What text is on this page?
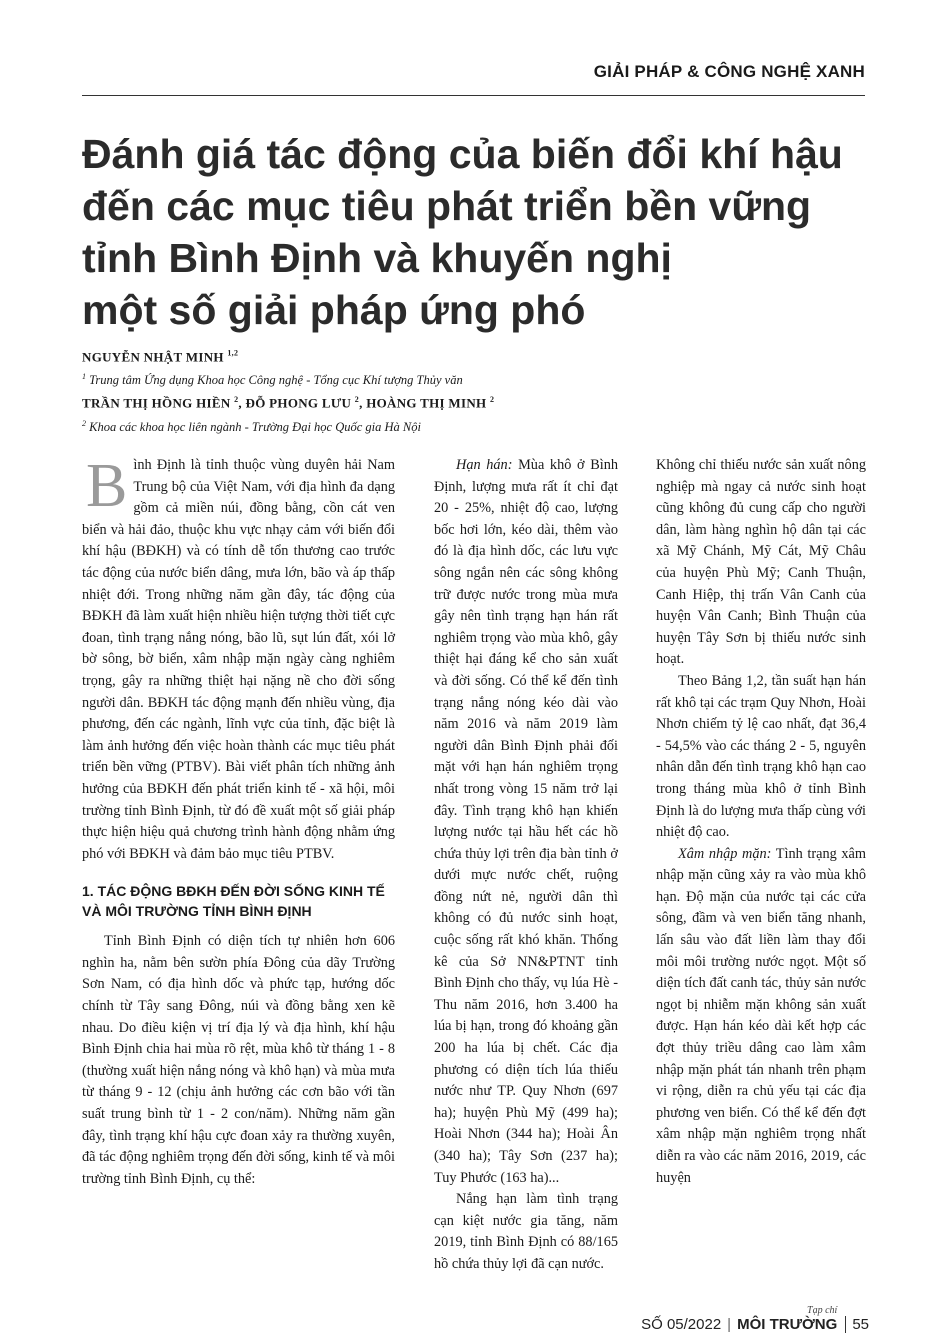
GIẢI PHÁP & CÔNG NGHỆ XANH
Đánh giá tác động của biến đổi khí hậu
đến các mục tiêu phát triển bền vững
tỉnh Bình Định và khuyến nghị
một số giải pháp ứng phó
NGUYỄN NHẬT MINH $^{1,2}$
$^1$ Trung tâm Ứng dụng Khoa học Công nghệ - Tổng cục Khí tượng Thủy văn
TRẦN THỊ HỒNG HIỀN $^2$, ĐỖ PHONG LƯU $^2$, HOÀNG THỊ MINH $^2$
$^2$ Khoa các khoa học liên ngành - Trường Đại học Quốc gia Hà Nội

Bình Định là tỉnh thuộc vùng duyên hải Nam Trung bộ của Việt Nam, với địa hình đa dạng gồm cả miền núi, đồng bằng, cồn cát ven biển và hải đảo, thuộc khu vực nhạy cảm với biến đổi khí hậu (BĐKH) và có tính dễ tổn thương cao trước tác động của nước biển dâng, mưa lớn, bão và áp thấp nhiệt đới. Trong những năm gần đây, tác động của BĐKH đã làm xuất hiện nhiều hiện tượng thời tiết cực đoan, tình trạng nắng nóng, bão lũ, sụt lún đất, xói lở bờ sông, bờ biển, xâm nhập mặn ngày càng nghiêm trọng, gây ra những thiệt hại nặng nề cho đời sống người dân. BĐKH tác động mạnh đến nhiều vùng, địa phương, đến các ngành, lĩnh vực của tỉnh, đặc biệt là làm ảnh hưởng đến việc hoàn thành các mục tiêu phát triển bền vững (PTBV). Bài viết phân tích những ảnh hưởng của BĐKH đến phát triển kinh tế - xã hội, môi trường tỉnh Bình Định, từ đó đề xuất một số giải pháp thực hiện hiệu quả chương trình hành động nhằm ứng phó với BĐKH và đảm bảo mục tiêu PTBV.

1. TÁC ĐỘNG BĐKH ĐẾN ĐỜI SỐNG KINH TẾ VÀ MÔI TRƯỜNG TỈNH BÌNH ĐỊNH

Tỉnh Bình Định có diện tích tự nhiên hơn 606 nghìn ha, nằm bên sườn phía Đông của dãy Trường Sơn Nam, có địa hình dốc và phức tạp, hướng dốc chính từ Tây sang Đông, núi và đồng bằng xen kẽ nhau. Do điều kiện vị trí địa lý và địa hình, khí hậu Bình Định chia hai mùa rõ rệt, mùa khô từ tháng 1 - 8 (thường xuất hiện nắng nóng và khô hạn) và mùa mưa từ tháng 9 - 12 (chịu ảnh hưởng các cơn bão với tần suất trung bình từ 1 - 2 con/năm). Những năm gần đây, tình trạng khí hậu cực đoan xảy ra thường xuyên, đã tác động nghiêm trọng đến đời sống, kinh tế và môi trường tỉnh Bình Định, cụ thể:

Hạn hán: Mùa khô ở Bình Định, lượng mưa rất ít chỉ đạt 20 - 25%, nhiệt độ cao, lượng bốc hơi lớn, kéo dài, thêm vào đó là địa hình dốc, các lưu vực sông ngắn nên các sông không trữ được nước trong mùa mưa gây nên tình trạng hạn hán rất nghiêm trọng vào mùa khô, gây thiệt hại đáng kể cho sản xuất và đời sống. Có thể kể đến tình trạng nắng nóng kéo dài vào năm 2016 và năm 2019 làm người dân Bình Định phải đối mặt với hạn hán nghiêm trọng nhất trong vòng 15 năm trở lại đây. Tình trạng khô hạn khiến lượng nước tại hầu hết các hồ chứa thủy lợi trên địa bàn tỉnh ở dưới mực nước chết, ruộng đồng nứt nẻ, người dân thì không có đủ nước sinh hoạt, cuộc sống rất khó khăn. Thống kê của Sở NN&PTNT tỉnh Bình Định cho thấy, vụ lúa Hè - Thu năm 2016, hơn 3.400 ha lúa bị hạn, trong đó khoảng gần 200 ha lúa bị chết. Các địa phương có diện tích lúa thiếu nước như TP. Quy Nhơn (697 ha); huyện Phù Mỹ (499 ha); Hoài Nhơn (344 ha); Hoài Ân (340 ha); Tây Sơn (237 ha); Tuy Phước (163 ha)...

Nắng hạn làm tình trạng cạn kiệt nước gia tăng, năm 2019, tỉnh Bình Định có 88/165 hồ chứa thủy lợi đã cạn nước.

Không chỉ thiếu nước sản xuất nông nghiệp mà ngay cả nước sinh hoạt cũng không đủ cung cấp cho người dân, làm hàng nghìn hộ dân tại các xã Mỹ Chánh, Mỹ Cát, Mỹ Châu của huyện Phù Mỹ; Canh Thuận, Canh Hiệp, thị trấn Vân Canh của huyện Vân Canh; Bình Thuận của huyện Tây Sơn bị thiếu nước sinh hoạt.

Theo Bảng 1,2, tần suất hạn hán rất khô tại các trạm Quy Nhơn, Hoài Nhơn chiếm tỷ lệ cao nhất, đạt 36,4 - 54,5% vào các tháng 2 - 5, nguyên nhân dẫn đến tình trạng khô hạn cao trong tháng mùa khô ở tỉnh Bình Định là do lượng mưa thấp cùng với nhiệt độ cao.

Xâm nhập mặn: Tình trạng xâm nhập mặn cũng xảy ra vào mùa khô hạn. Độ mặn của nước tại các cửa sông, đầm và ven biển tăng nhanh, lấn sâu vào đất liền làm thay đổi môi môi trường nước ngọt. Một số diện tích đất canh tác, thủy sản nước ngọt bị nhiễm mặn không sản xuất được. Hạn hán kéo dài kết hợp các đợt thủy triều dâng cao làm xâm nhập mặn phát tán nhanh trên phạm vi rộng, diễn ra chủ yếu tại các địa phương ven biển. Có thể kể đến đợt xâm nhập mặn nghiêm trọng nhất diễn ra vào các năm 2016, 2019, các huyện

SỐ 05/2022 |
Tạp chí
MÔI TRƯỜNG	55
